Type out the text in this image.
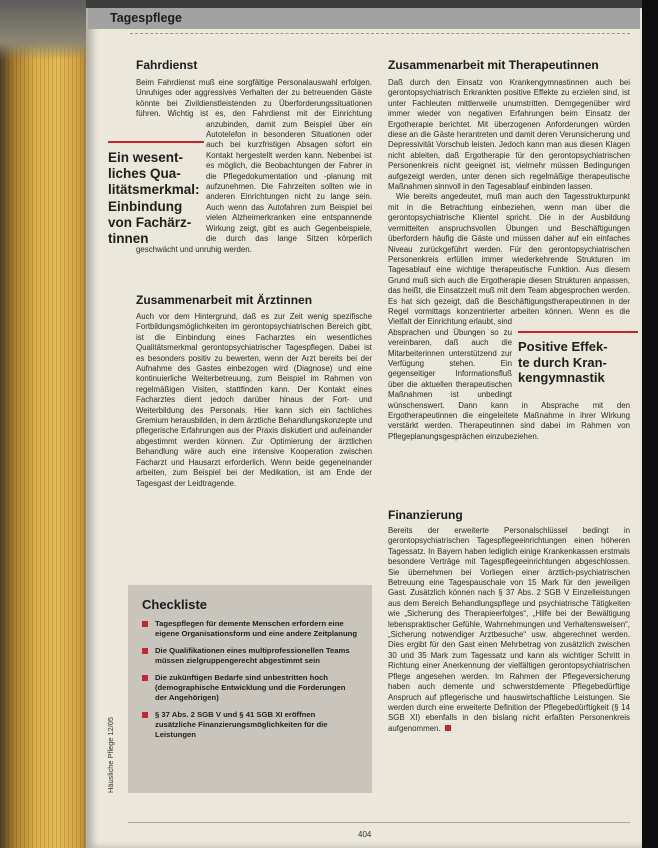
Tagespflege
Fahrdienst

Beim Fahrdienst muß eine sorgfältige Personalauswahl erfolgen. Unruhiges oder aggressives Verhalten der zu betreuenden Gäste könnte bei Zivildienstleistenden zu Überforderungssituationen führen. Wichtig ist es, den Fahrdienst mit der Einrichtung anzubinden, damit zum Beispiel über ein Autotelefon in besonderen Situationen oder auch bei kurzfristigen Absagen sofort ein Kontakt hergestellt werden kann. Nebenbei ist es möglich, die Beobachtungen der Fahrer in die Pflegedokumentation und -planung mit aufzunehmen. Die Fahrzeiten sollten wie in anderen Einrichtungen nicht zu lange sein. Auch wenn das Autofahren zum Beispiel bei vielen Alzheimerkranken eine entspannende Wirkung zeigt, gibt es auch Gegenbeispiele, die durch das lange Sitzen körperlich geschwächt und unruhig werden.

Ein wesent-
liches Qua-
litätsmerkmal:
Einbindung
von Fachärz-
tinnen
Zusammenarbeit mit Ärztinnen

Auch vor dem Hintergrund, daß es zur Zeit wenig spezifische Fortbildungsmöglichkeiten im gerontopsychiatrischen Bereich gibt, ist die Einbindung eines Facharztes ein wesentliches Qualitätsmerkmal gerontopsychiatrischer Tagespflegen. Dabei ist es besonders positiv zu bewerten, wenn der Arzt bereits bei der Aufnahme des Gastes einbezogen wird (Diagnose) und eine kontinuierliche Weiterbetreuung, zum Beispiel im Rahmen von regelmäßigen Visiten, stattfinden kann. Der Kontakt eines Facharztes dient jedoch darüber hinaus der Fort- und Weiterbildung des Personals. Hier kann sich ein fachliches Gremium herausbilden, in dem ärztliche Behandlungskonzepte und pflegerische Erfahrungen aus der Praxis diskutiert und aufeinander abgestimmt werden können. Zur Optimierung der ärztlichen Behandlung wäre auch eine intensive Kooperation zwischen Facharzt und Hausarzt erforderlich. Wenn beide gegeneinander arbeiten, zum Beispiel bei der Medikation, ist am Ende der Tagesgast der Leidtragende.

Checkliste
Tagespflegen für demente Menschen erfordern eine eigene Organisationsform und eine andere Zeitplanung
Die Qualifikationen eines multiprofessionellen Teams müssen zielgruppengerecht abgestimmt sein
Die zukünftigen Bedarfe sind unbestritten hoch (demographische Entwicklung und die Forderungen der Angehörigen)
§ 37 Abs. 2 SGB V und § 41 SGB XI eröffnen zusätzliche Finanzierungsmöglichkeiten für die Leistungen
Häusliche Pflege 12/05
Zusammenarbeit mit Therapeutinnen

Daß durch den Einsatz von Krankengymnastinnen auch bei gerontopsychiatrisch Erkrankten positive Effekte zu erzielen sind, ist unter Fachleuten mittlerweile unumstritten. Demgegenüber wird immer wieder von negativen Erfahrungen beim Einsatz der Ergotherapie berichtet. Mit überzogenen Anforderungen würden diese an die Gäste herantreten und damit deren Verunsicherung und Depressivität Vorschub leisten. Jedoch kann man aus diesen Klagen nicht ableiten, daß Ergotherapie für den gerontopsychiatrischen Personenkreis nicht geeignet ist, vielmehr müssen Bedingungen aufgezeigt werden, unter denen sich regelmäßige therapeutische Maßnahmen sinnvoll in den Tagesablauf einbinden lassen.

Wie bereits angedeutet, muß man auch den Tagesstrukturpunkt mit in die Betrachtung einbeziehen, wenn man über die gerontopsychiatrische Klientel spricht. Die in der Ausbildung vermittelten anspruchsvollen Übungen und Beschäftigungen überfordern häufig die Gäste und müssen daher auf ein einfaches Niveau zurückgeführt werden. Für den gerontopsychiatrischen Personenkreis erfüllen immer wiederkehrende Strukturen im Tagesablauf eine wichtige therapeutische Funktion. Aus diesem Grund muß sich auch die Ergotherapie diesen Strukturen anpassen, das heißt, die Einsatzzeit muß mit dem Team abgesprochen werden. Es hat sich gezeigt, daß die Beschäftigungstherapeutinnen in der Regel vormittags konzentrierter arbeiten können. Wenn es die Vielfalt der Einrichtung erlaubt, sind Absprachen und Übungen so zu vereinbaren, daß auch die Mitarbeiterinnen unterstützend zur Verfügung stehen. Ein gegenseitiger Informationsfluß über die aktuellen therapeutischen Maßnahmen ist unbedingt wünschenswert. Dann kann in Absprache mit den Ergotherapeutinnen die eingeleitete Maßnahme in ihrer Wirkung verstärkt werden. Therapeutinnen sind dabei im Rahmen von Pflegeplanungsgesprächen einzubeziehen.

Positive Effek-
te durch Kran-
kengymnastik
Finanzierung

Bereits der erweiterte Personalschlüssel bedingt in gerontopsychiatrischen Tagespflegeeinrichtungen einen höheren Tagessatz. In Bayern haben lediglich einige Krankenkassen erstmals besondere Verträge mit Tagespflegeeinrichtungen abgeschlossen. Sie übernehmen bei Vorliegen einer ärztlich-psychiatrischen Betreuung eine Tagespauschale von 15 Mark für den jeweiligen Gast. Zusätzlich können nach § 37 Abs. 2 SGB V Einzelleistungen aus dem Bereich Behandlungspflege und psychiatrische Tätigkeiten wie „Sicherung des Therapieerfolges“, „Hilfe bei der Bewältigung lebenspraktischer Gefühle, Wahrnehmungen und Verhaltensweisen“, „Sicherung notwendiger Arztbesuche“ usw. abgerechnet werden. Dies ergibt für den Gast einen Mehrbetrag von zusätzlich zwischen 30 und 35 Mark zum Tagessatz und kann als wichtiger Schritt in Richtung einer Anerkennung der vielfältigen gerontopsychiatrischen Pflege angesehen werden. Im Rahmen der Pflegeversicherung haben auch demente und schwerstdemente Pflegebedürftige Anspruch auf pflegerische und hauswirtschaftliche Leistungen. Sie werden durch eine erweiterte Definition der Pflegebedürftigkeit (§ 14 SGB XI) ebenfalls in den bislang nicht erfaßten Personenkreis aufgenommen.

404
